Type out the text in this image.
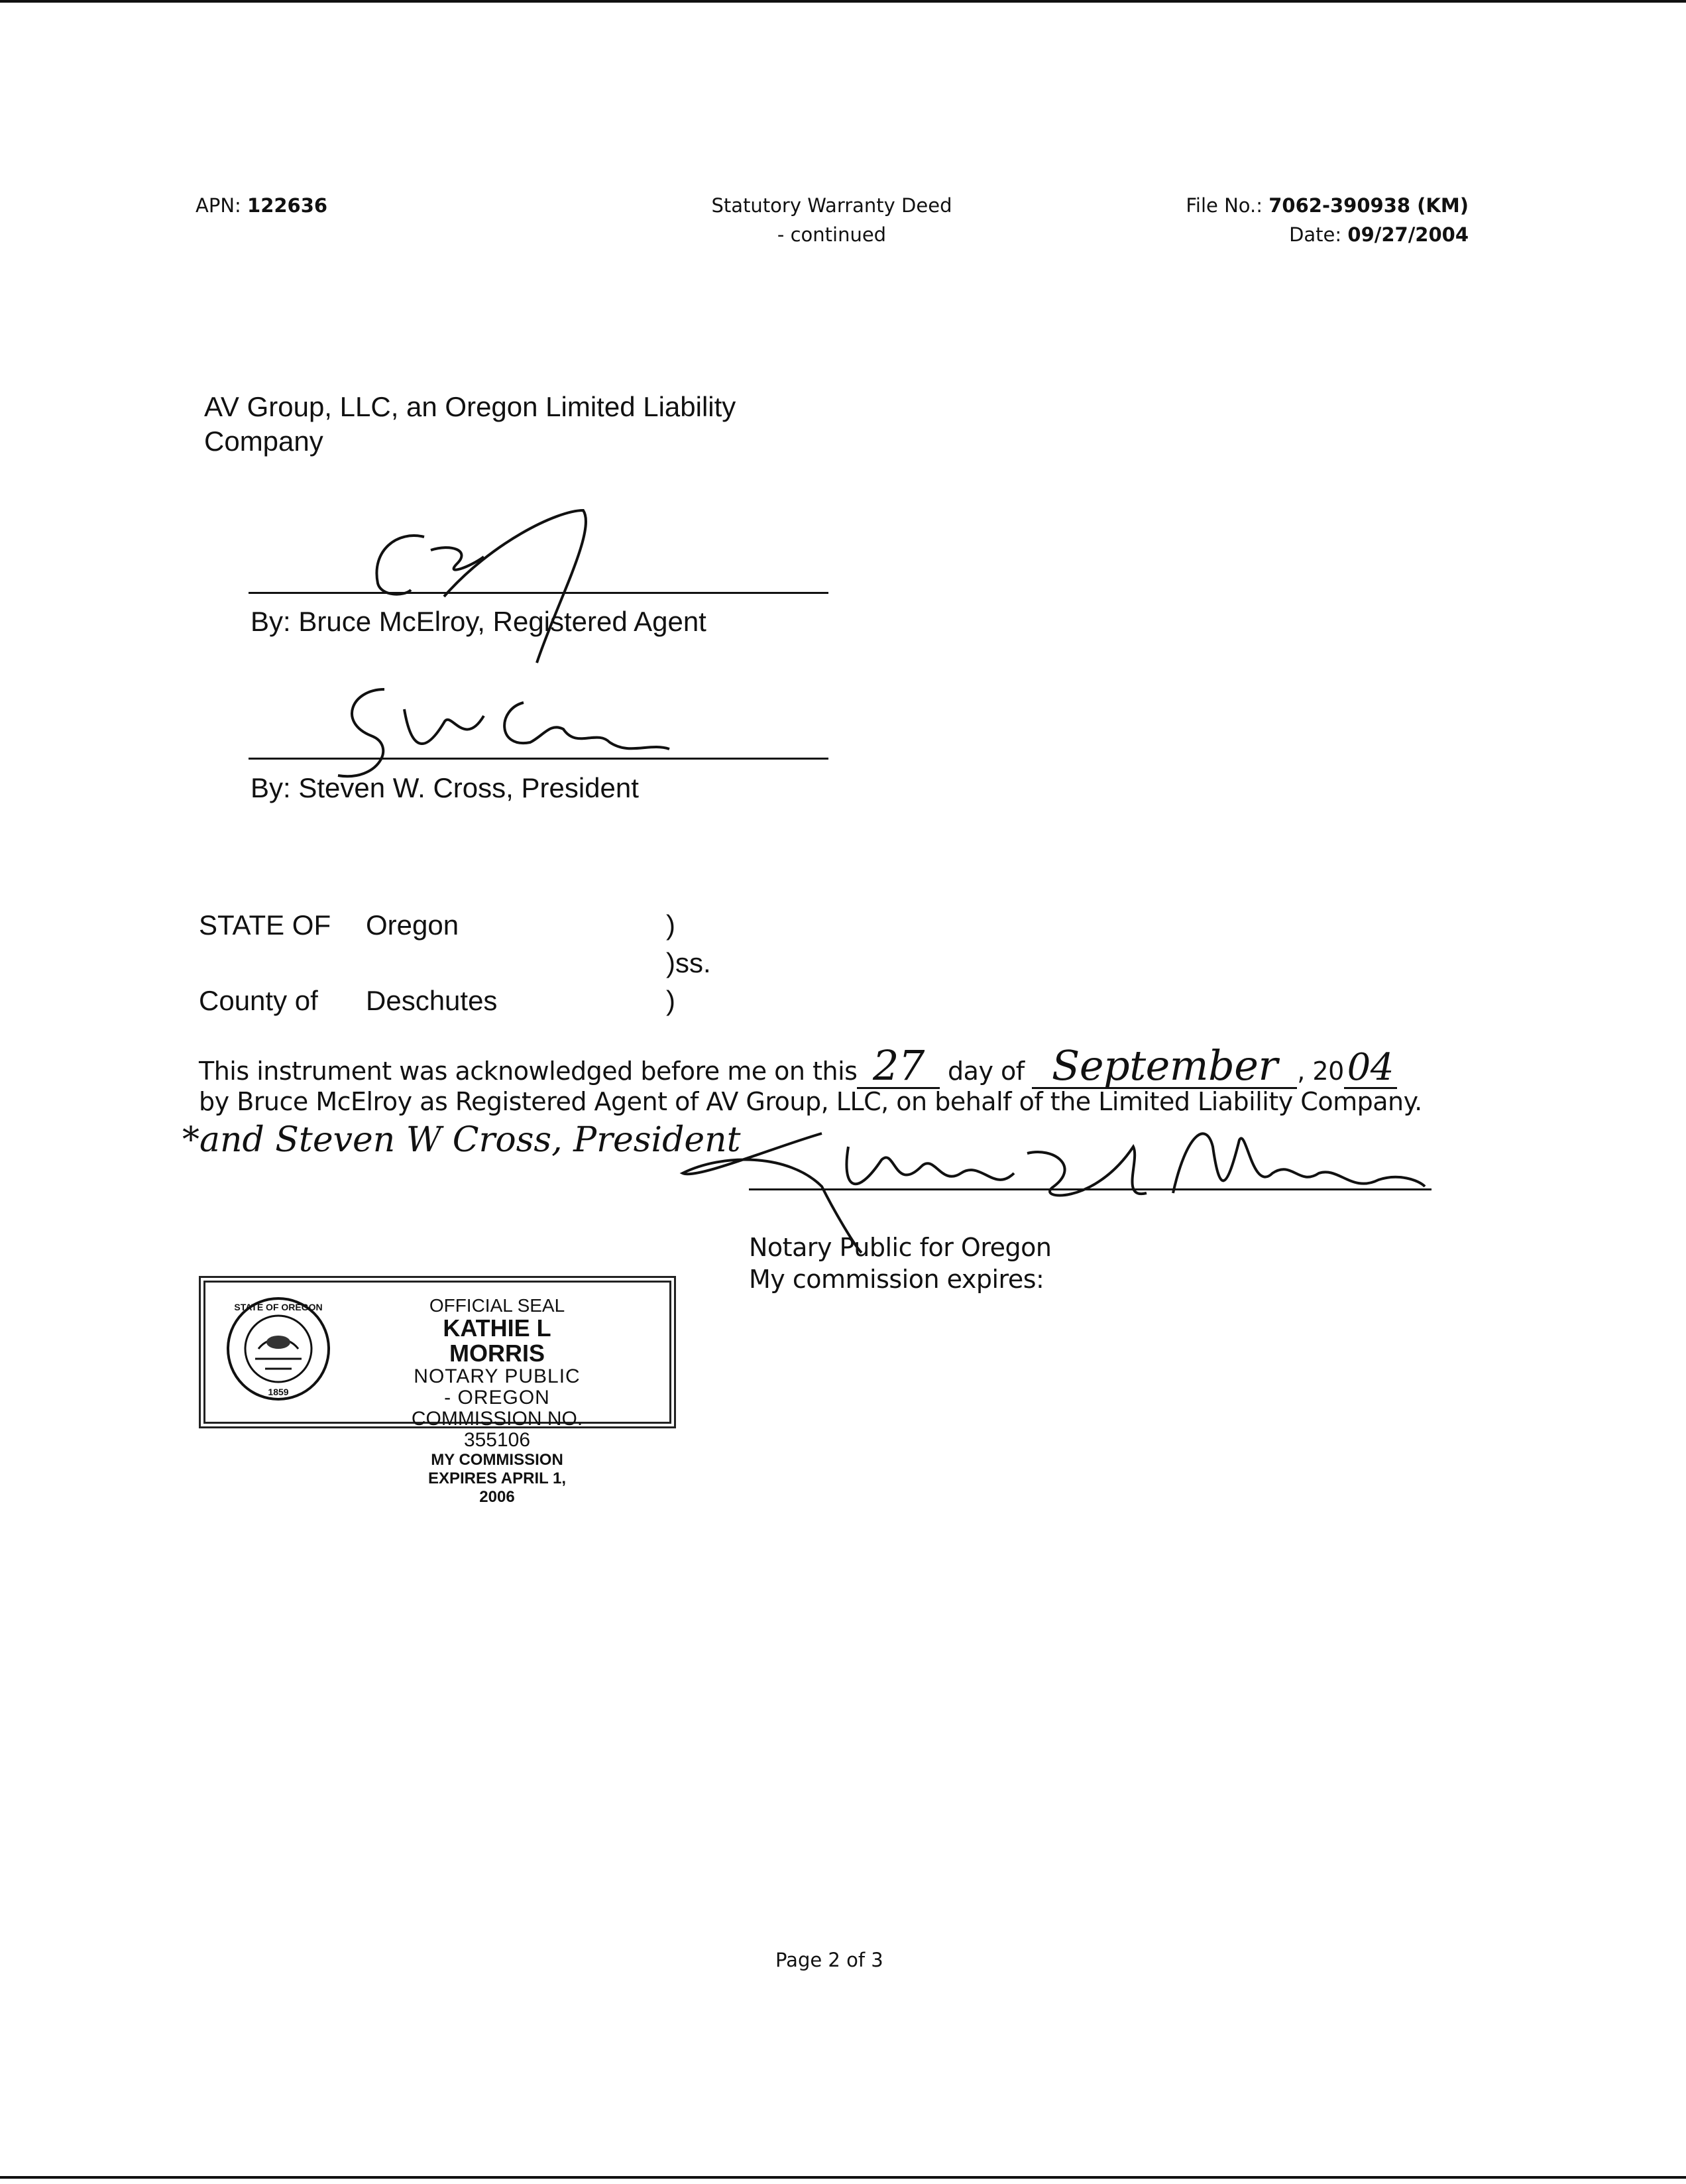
APN: 122636	Statutory Warranty Deed
- continued
File No.: 7062-390938 (KM)
Date: 09/27/2004
AV Group, LLC, an Oregon Limited Liability
Company
By: Bruce McElroy, Registered Agent
By: Steven W. Cross, President
STATE OF Oregon	)
)ss.
County of Deschutes	)
This instrument was acknowledged before me on this 27 day of September , 2004
by Bruce McElroy as Registered Agent of AV Group, LLC, on behalf of the Limited Liability Company.
*and Steven W Cross, President
Notary Public for Oregon
My commission expires:
STATE OF OREGON
1859
OFFICIAL SEAL
KATHIE L MORRIS
NOTARY PUBLIC - OREGON
COMMISSION NO. 355106
MY COMMISSION EXPIRES APRIL 1, 2006
Page 2 of 3
